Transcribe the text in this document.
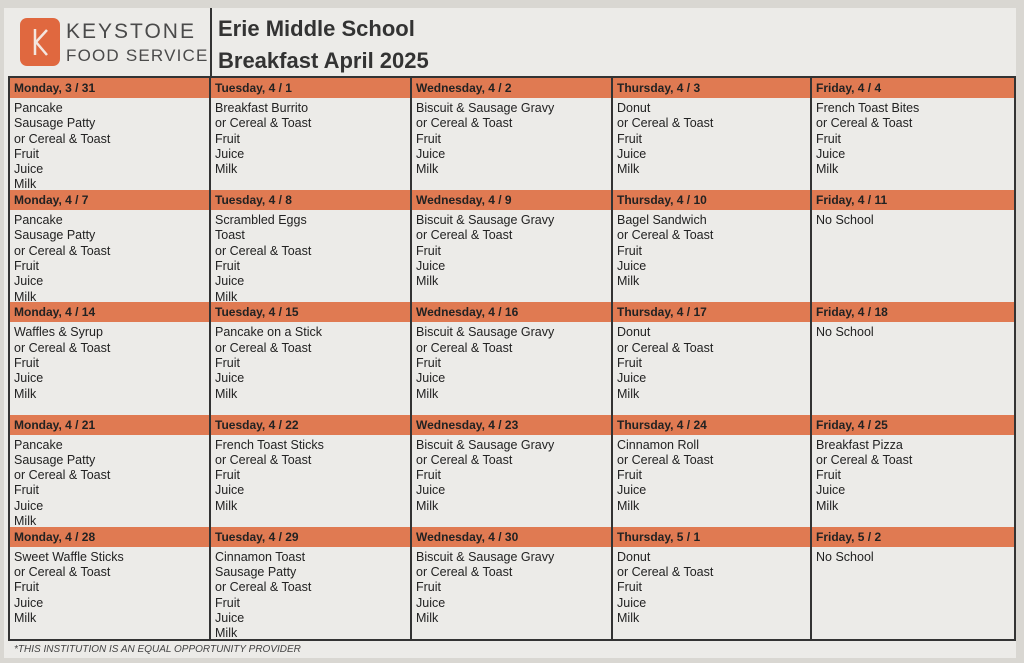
KEYSTONE
FOOD SERVICE
Erie Middle School
Breakfast April 2025
Monday, 3 / 31
Pancake
Sausage Patty
or Cereal & Toast
Fruit
Juice
Milk
Tuesday, 4 / 1
Breakfast Burrito
or Cereal & Toast
Fruit
Juice
Milk
Wednesday, 4 / 2
Biscuit & Sausage Gravy
or Cereal & Toast
Fruit
Juice
Milk
Thursday, 4 / 3
Donut
or Cereal & Toast
Fruit
Juice
Milk
Friday, 4 / 4
French Toast Bites
or Cereal & Toast
Fruit
Juice
Milk
Monday, 4 / 7
Pancake
Sausage Patty
or Cereal & Toast
Fruit
Juice
Milk
Tuesday, 4 / 8
Scrambled Eggs
Toast
or Cereal & Toast
Fruit
Juice
Milk
Wednesday, 4 / 9
Biscuit & Sausage Gravy
or Cereal & Toast
Fruit
Juice
Milk
Thursday, 4 / 10
Bagel Sandwich
or Cereal & Toast
Fruit
Juice
Milk
Friday, 4 / 11
No School
Monday, 4 / 14
Waffles & Syrup
or Cereal & Toast
Fruit
Juice
Milk
Tuesday, 4 / 15
Pancake on a Stick
or Cereal & Toast
Fruit
Juice
Milk
Wednesday, 4 / 16
Biscuit & Sausage Gravy
or Cereal & Toast
Fruit
Juice
Milk
Thursday, 4 / 17
Donut
or Cereal & Toast
Fruit
Juice
Milk
Friday, 4 / 18
No School
Monday, 4 / 21
Pancake
Sausage Patty
or Cereal & Toast
Fruit
Juice
Milk
Tuesday, 4 / 22
French Toast Sticks
or Cereal & Toast
Fruit
Juice
Milk
Wednesday, 4 / 23
Biscuit & Sausage Gravy
or Cereal & Toast
Fruit
Juice
Milk
Thursday, 4 / 24
Cinnamon Roll
or Cereal & Toast
Fruit
Juice
Milk
Friday, 4 / 25
Breakfast Pizza
or Cereal & Toast
Fruit
Juice
Milk
Monday, 4 / 28
Sweet Waffle Sticks
or Cereal & Toast
Fruit
Juice
Milk
Tuesday, 4 / 29
Cinnamon Toast
Sausage Patty
or Cereal & Toast
Fruit
Juice
Milk
Wednesday, 4 / 30
Biscuit & Sausage Gravy
or Cereal & Toast
Fruit
Juice
Milk
Thursday, 5 / 1
Donut
or Cereal & Toast
Fruit
Juice
Milk
Friday, 5 / 2
No School
*THIS INSTITUTION IS AN EQUAL OPPORTUNITY PROVIDER
